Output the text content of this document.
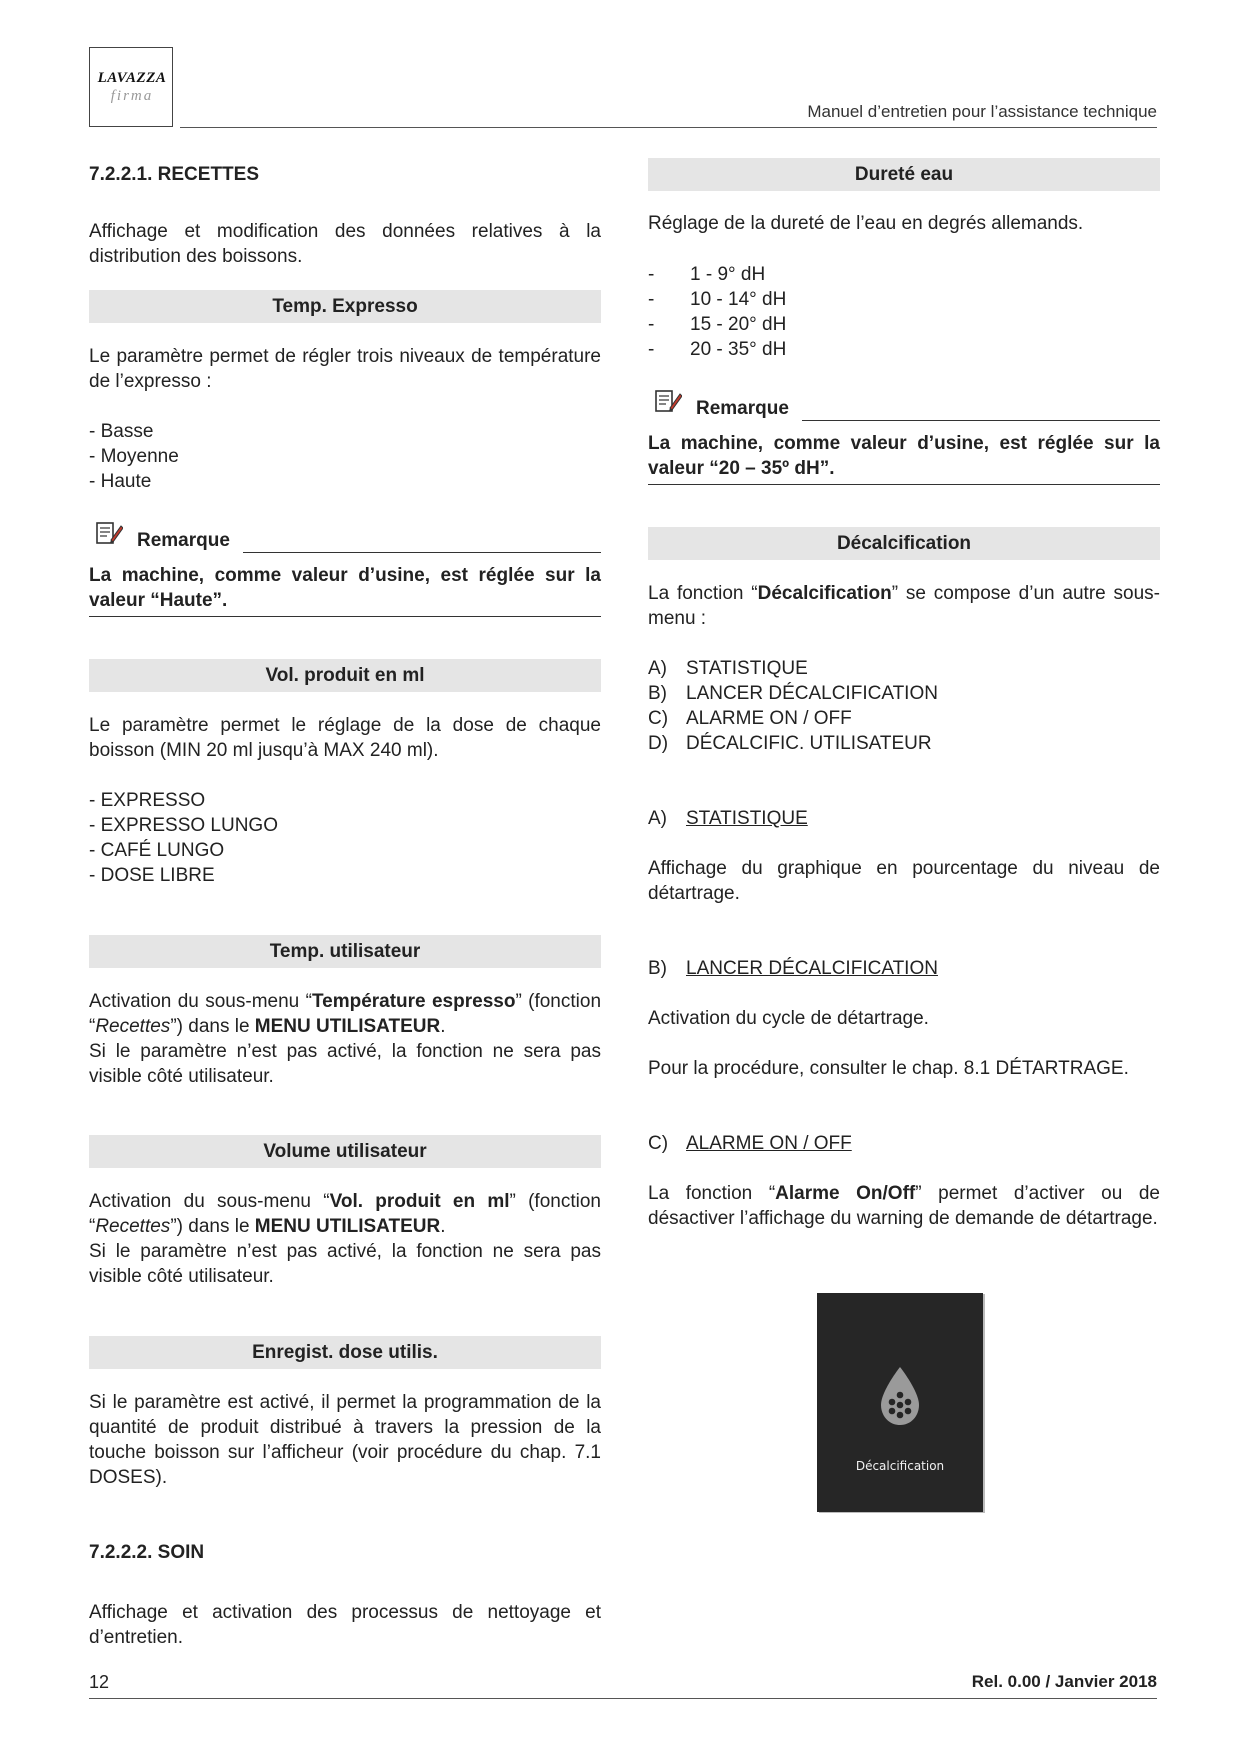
LAVAZZA
firma
Manuel d’entretien pour l’assistance technique
7.2.2.1. RECETTES
Affichage et modification des données relatives à la distribution des boissons.
Temp. Expresso
Le paramètre permet de régler trois niveaux de température de l’expresso :
- Basse
- Moyenne
- Haute
Remarque
La machine, comme valeur d’usine, est réglée sur la valeur “Haute”.
Vol. produit en ml
Le paramètre permet le réglage de la dose de chaque boisson (MIN 20 ml jusqu’à MAX 240 ml).
- EXPRESSO
- EXPRESSO LUNGO
- CAFÉ LUNGO
- DOSE LIBRE
Temp. utilisateur
Activation du sous-menu “Température espresso” (fonction “Recettes”) dans le MENU UTILISATEUR.
Si le paramètre n’est pas activé, la fonction ne sera pas visible côté utilisateur.
Volume utilisateur
Activation du sous-menu “Vol. produit en ml” (fonction “Recettes”) dans le MENU UTILISATEUR.
Si le paramètre n’est pas activé, la fonction ne sera pas visible côté utilisateur.
Enregist. dose utilis.
Si le paramètre est activé, il permet la programmation de la quantité de produit distribué à travers la pression de la touche boisson sur l’afficheur (voir procédure du chap. 7.1 DOSES).
7.2.2.2. SOIN
Affichage et activation des processus de nettoyage et d’entretien.
Dureté eau
Réglage de la dureté de l’eau en degrés allemands.
- 1 - 9° dH
- 10 - 14° dH
- 15 - 20° dH
- 20 - 35° dH
Remarque
La machine, comme valeur d’usine, est réglée sur la valeur “20 – 35º dH”.
Décalcification
La fonction “Décalcification” se compose d’un autre sous-menu :
A) STATISTIQUE
B) LANCER DÉCALCIFICATION
C) ALARME ON / OFF
D) DÉCALCIFIC. UTILISATEUR
A) STATISTIQUE
Affichage du graphique en pourcentage du niveau de détartrage.
B) LANCER DÉCALCIFICATION
Activation du cycle de détartrage.
Pour la procédure, consulter le chap. 8.1 DÉTARTRAGE.
C) ALARME ON / OFF
La fonction “Alarme On/Off” permet d’activer ou de désactiver l’affichage du warning de demande de détartrage.
Décalcification
12	Rel. 0.00 / Janvier 2018
